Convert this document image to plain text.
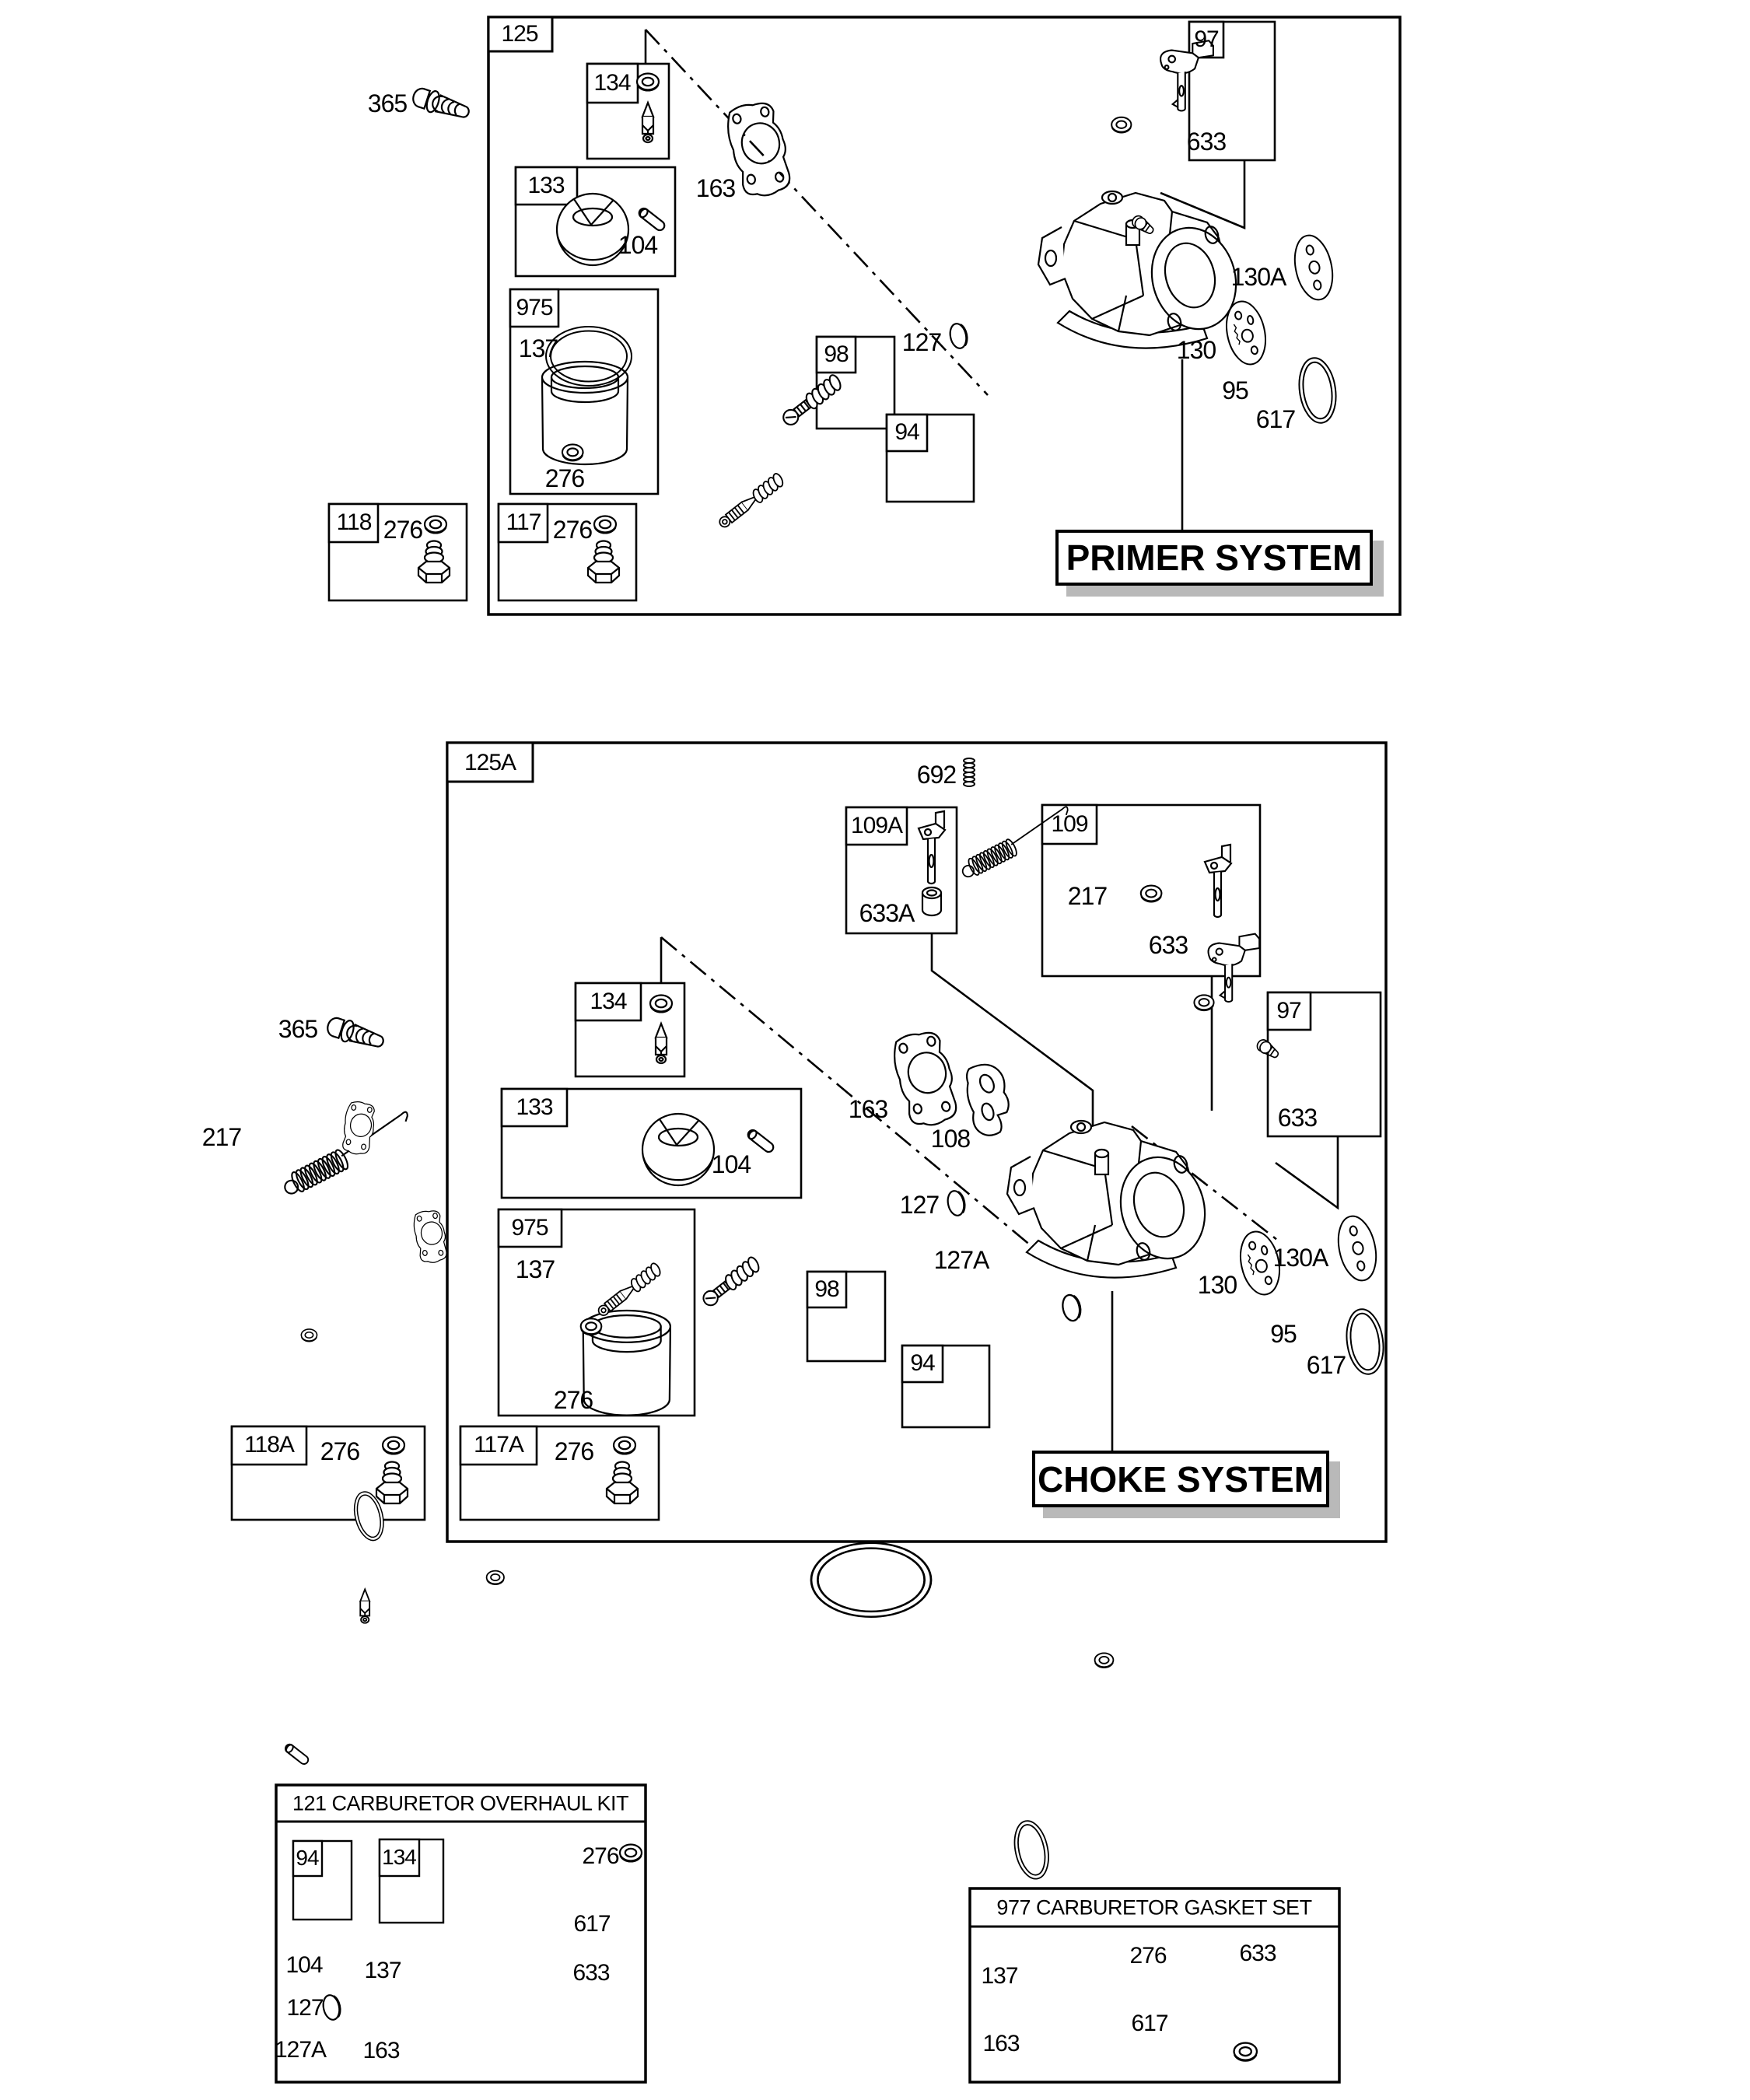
125
365
134
133
104
975
137
276
118 276	117 276
163
98
94
127
97
633
130
130A
95
617
125A	692
109A
633A
109
217
633
365
217
134
133
104
975
137
276
98
94
163
108
127
127A
97
633
130
130A
95
617
118A 276	117A 276
121 CARBURETOR OVERHAUL KIT
94	134
104 137
127
127A 163
276
617
633
977 CARBURETOR GASKET SET
137
276	633
617
163
PRIMER SYSTEM
CHOKE SYSTEM
